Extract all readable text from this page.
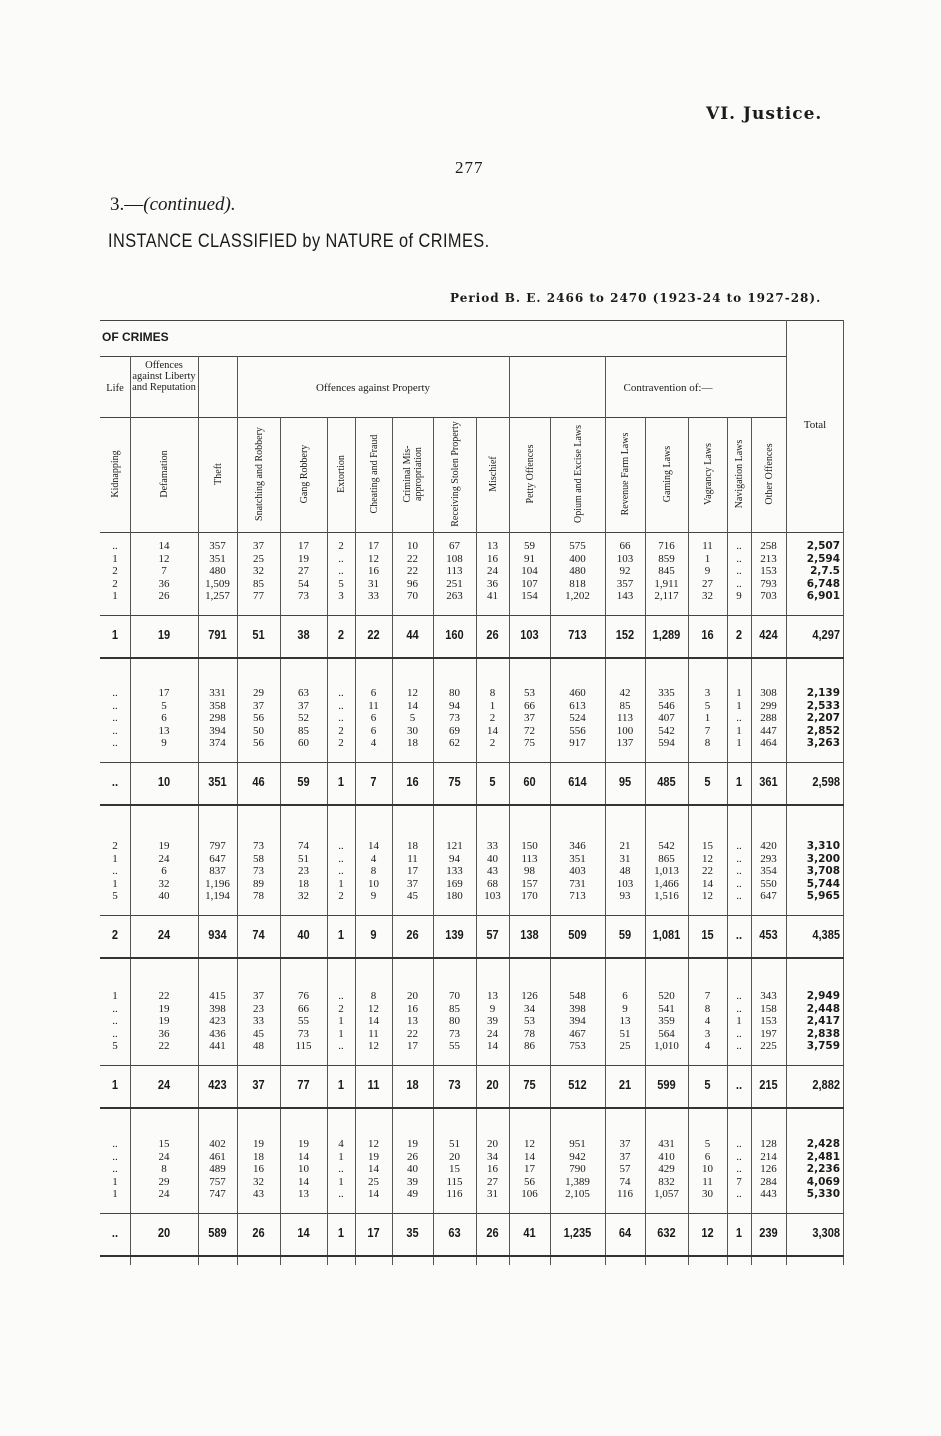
VI. Justice.
277
3.—(continued).
INSTANCE CLASSIFIED by NATURE of CRIMES.
Period B. E. 2466 to 2470 (1923-24 to 1927-28).
OF CRIMES
Life
Offences against Liberty and Reputation	Offences against Property	Contravention of:—
Kidnapping	Defamation	Theft	Snatching and Robbery	Gang Robbery	Extortion	Cheating and Fraud	Criminal Mis-appropriation	Receiving Stolen Property	Mischief	Petty Offences	Opium and Excise Laws	Revenue Farm Laws	Gaming Laws	Vagrancy Laws	Navigation Laws	Other Offences
Total
..	14	357	37	17	2	17	10	67	13	59	575	66	716	11	..	258	2,507
1	12	351	25	19	..	12	22	108	16	91	400	103	859	1	..	213	2,594
2	7	480	32	27	..	16	22	113	24	104	480	92	845	9	..	153	2,7.5
2	36	1,509	85	54	5	31	96	251	36	107	818	357	1,911	27	..	793	6,748
1	26	1,257	77	73	3	33	70	263	41	154	1,202	143	2,117	32	9	703	6,901
1	19	791	51	38	2	22	44	160	26	103	713	152	1,289	16	2	424	4,297
..	17	331	29	63	..	6	12	80	8	53	460	42	335	3	1	308	2,139
..	5	358	37	37	..	11	14	94	1	66	613	85	546	5	1	299	2,533
..	6	298	56	52	..	6	5	73	2	37	524	113	407	1	..	288	2,207
..	13	394	50	85	2	6	30	69	14	72	556	100	542	7	1	447	2,852
..	9	374	56	60	2	4	18	62	2	75	917	137	594	8	1	464	3,263
..	10	351	46	59	1	7	16	75	5	60	614	95	485	5	1	361	2,598
2	19	797	73	74	..	14	18	121	33	150	346	21	542	15	..	420	3,310
1	24	647	58	51	..	4	11	94	40	113	351	31	865	12	..	293	3,200
..	6	837	73	23	..	8	17	133	43	98	403	48	1,013	22	..	354	3,708
1	32	1,196	89	18	1	10	37	169	68	157	731	103	1,466	14	..	550	5,744
5	40	1,194	78	32	2	9	45	180	103	170	713	93	1,516	12	..	647	5,965
2	24	934	74	40	1	9	26	139	57	138	509	59	1,081	15	..	453	4,385
1	22	415	37	76	..	8	20	70	13	126	548	6	520	7	..	343	2,949
..	19	398	23	66	2	12	16	85	9	34	398	9	541	8	..	158	2,448
..	19	423	33	55	1	14	13	80	39	53	394	13	359	4	1	153	2,417
..	36	436	45	73	1	11	22	73	24	78	467	51	564	3	..	197	2,838
5	22	441	48	115	..	12	17	55	14	86	753	25	1,010	4	..	225	3,759
1	24	423	37	77	1	11	18	73	20	75	512	21	599	5	..	215	2,882
..	15	402	19	19	4	12	19	51	20	12	951	37	431	5	..	128	2,428
..	24	461	18	14	1	19	26	20	34	14	942	37	410	6	..	214	2,481
..	8	489	16	10	..	14	40	15	16	17	790	57	429	10	..	126	2,236
1	29	757	32	14	1	25	39	115	27	56	1,389	74	832	11	7	284	4,069
1	24	747	43	13	..	14	49	116	31	106	2,105	116	1,057	30	..	443	5,330
..	20	589	26	14	1	17	35	63	26	41	1,235	64	632	12	1	239	3,308
